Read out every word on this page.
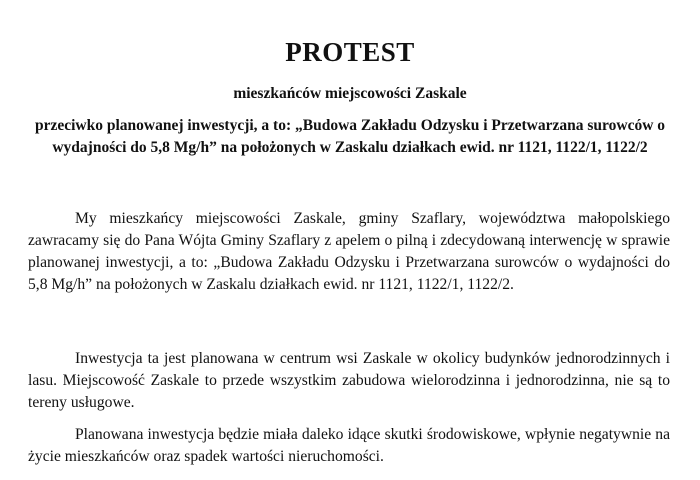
PROTEST
mieszkańców miejscowości Zaskale
przeciwko planowanej inwestycji, a to: „Budowa Zakładu Odzysku i Przetwarzana surowców o wydajności do 5,8 Mg/h” na położonych w Zaskalu działkach ewid. nr 1121, 1122/1, 1122/2

My mieszkańcy miejscowości Zaskale, gminy Szaflary, województwa małopolskiego zawracamy się do Pana Wójta Gminy Szaflary z apelem o pilną i zdecydowaną interwencję w sprawie planowanej inwestycji, a to: „Budowa Zakładu Odzysku i Przetwarzana surowców o wydajności do 5,8 Mg/h” na położonych w Zaskalu działkach ewid. nr 1121, 1122/1, 1122/2.

Inwestycja ta jest planowana w centrum wsi Zaskale w okolicy budynków jednorodzinnych i lasu. Miejscowość Zaskale to przede wszystkim zabudowa wielorodzinna i jednorodzinna, nie są to tereny usługowe.

Planowana inwestycja będzie miała daleko idące skutki środowiskowe, wpłynie negatywnie na życie mieszkańców oraz spadek wartości nieruchomości.
